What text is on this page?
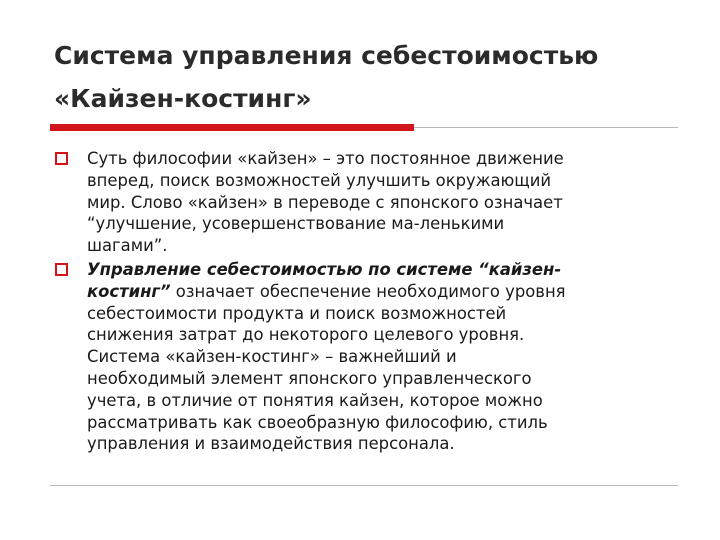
Система управления себестоимостью
«Кайзен-костинг»
Суть философии «кайзен» – это постоянное движение
вперед, поиск возможностей улучшить окружающий
мир. Слово «кайзен» в переводе с японского означает
“улучшение, усовершенствование ма-ленькими
шагами”.
Управление себестоимостью по системе “кайзен-
костинг” означает обеспечение необходимого уровня
себестоимости продукта и поиск возможностей
снижения затрат до некоторого целевого уровня.
Система «кайзен-костинг» – важнейший и
необходимый элемент японского управленческого
учета, в отличие от понятия кайзен, которое можно
рассматривать как своеобразную философию, стиль
управления и взаимодействия персонала.
